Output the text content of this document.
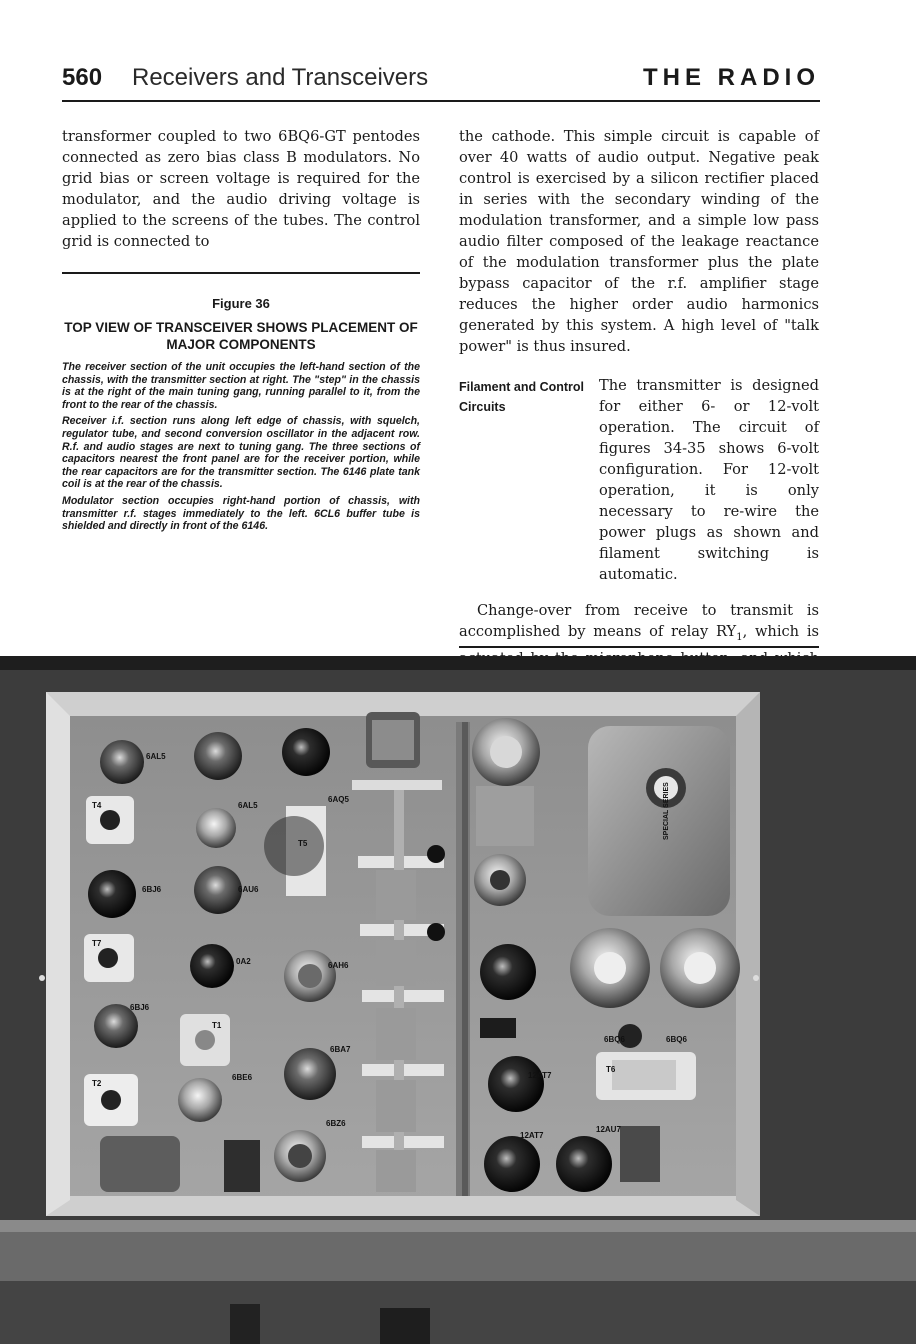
560 Receivers and Transceivers	THE RADIO

transformer coupled to two 6BQ6-GT pentodes connected as zero bias class B modulators. No grid bias or screen voltage is required for the modulator, and the audio driving voltage is applied to the screens of the tubes. The control grid is connected to

Figure 36
TOP VIEW OF TRANSCEIVER SHOWS PLACEMENT OF MAJOR COMPONENTS

The receiver section of the unit occupies the left-hand section of the chassis, with the transmitter section at right. The "step" in the chassis is at the right of the main tuning gang, running parallel to it, from the front to the rear of the chassis.

Receiver i.f. section runs along left edge of chassis, with squelch, regulator tube, and second conversion oscillator in the adjacent row. R.f. and audio stages are next to tuning gang. The three sections of capacitors nearest the front panel are for the receiver portion, while the rear capacitors are for the transmitter section. The 6146 plate tank coil is at the rear of the chassis.

Modulator section occupies right-hand portion of chassis, with transmitter r.f. stages immediately to the left. 6CL6 buffer tube is shielded and directly in front of the 6146.

the cathode. This simple circuit is capable of over 40 watts of audio output. Negative peak control is exercised by a silicon rectifier placed in series with the secondary winding of the modulation transformer, and a simple low pass audio filter composed of the leakage reactance of the modulation transformer plus the plate bypass capacitor of the r.f. amplifier stage reduces the higher order audio harmonics generated by this system. A high level of "talk power" is thus insured.

Filament and Control Circuits

The transmitter is designed for either 6- or 12-volt operation. The circuit of figures 34-35 shows 6-volt configuration. For 12-volt operation, it is only necessary to re-wire the power plugs as shown and filament switching is automatic.

Change-over from receive to transmit is accomplished by means of relay $RY_1$, which is

6AL5
6AL5
6AQ5
6AU6
6BJ6
0A2
6BJ6
6BE6
6BZ6
6AH6
6BA7
6BQ6	6BQ6
12AT7
12AU7
12AT7
T4
T5
T6
T7
T1
T2
SPECIAL SERIES
